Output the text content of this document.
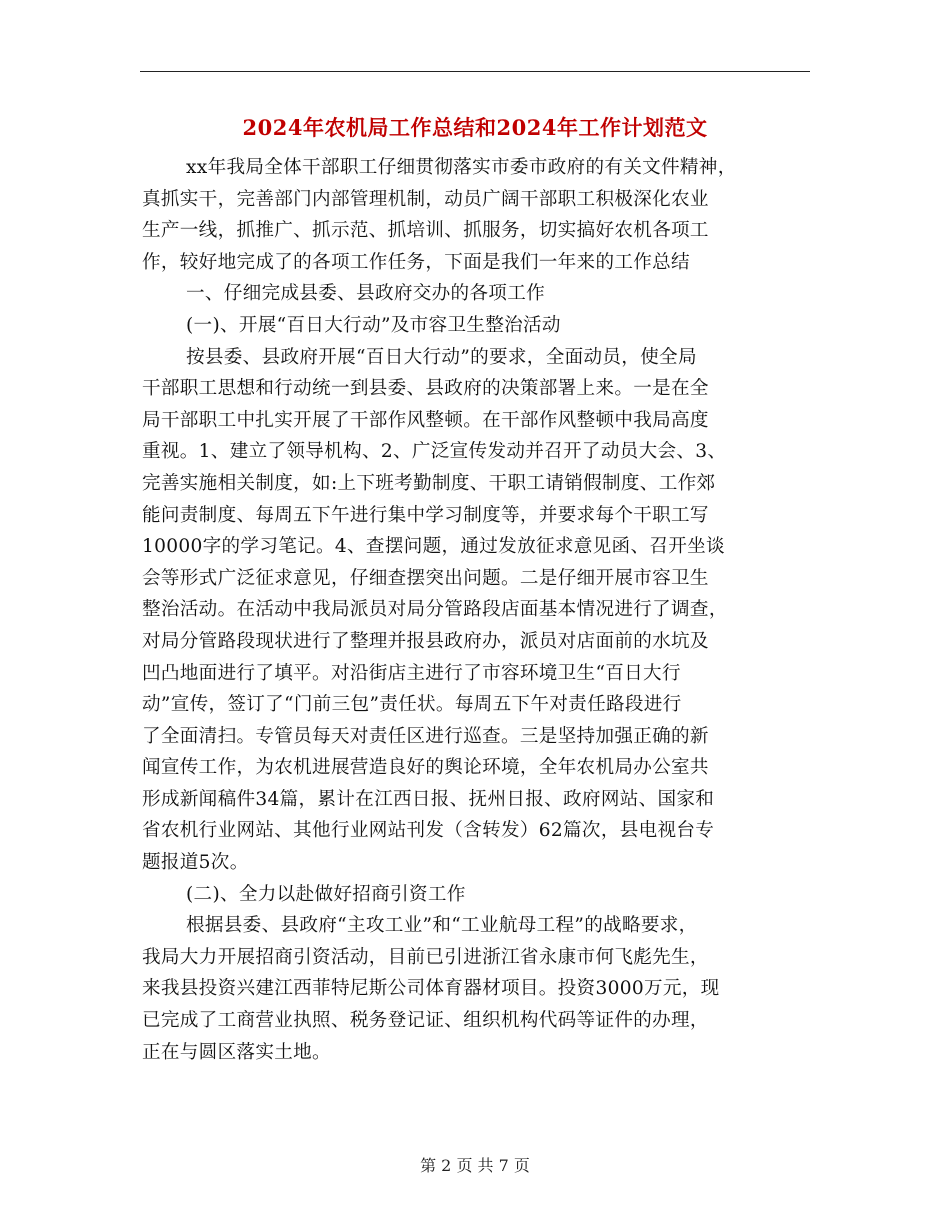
2024年农机局工作总结和2024年工作计划范文
xx年我局全体干部职工仔细贯彻落实市委市政府的有关文件精神，
真抓实干，完善部门内部管理机制，动员广阔干部职工积极深化农业
生产一线，抓推广、抓示范、抓培训、抓服务，切实搞好农机各项工
作，较好地完成了的各项工作任务，下面是我们一年来的工作总结
一、仔细完成县委、县政府交办的各项工作
(一)、开展“百日大行动”及市容卫生整治活动
按县委、县政府开展“百日大行动”的要求，全面动员，使全局
干部职工思想和行动统一到县委、县政府的决策部署上来。一是在全
局干部职工中扎实开展了干部作风整顿。在干部作风整顿中我局高度
重视。1、建立了领导机构、2、广泛宣传发动并召开了动员大会、3、
完善实施相关制度，如:上下班考勤制度、干职工请销假制度、工作郊
能问责制度、每周五下午进行集中学习制度等，并要求每个干职工写
10000字的学习笔记。4、查摆问题，通过发放征求意见函、召开坐谈
会等形式广泛征求意见，仔细查摆突出问题。二是仔细开展市容卫生
整治活动。在活动中我局派员对局分管路段店面基本情况进行了调查，
对局分管路段现状进行了整理并报县政府办，派员对店面前的水坑及
凹凸地面进行了填平。对沿街店主进行了市容环境卫生“百日大行
动”宣传，签订了“门前三包”责任状。每周五下午对责任路段进行
了全面清扫。专管员每天对责任区进行巡查。三是坚持加强正确的新
闻宣传工作，为农机进展营造良好的舆论环境，全年农机局办公室共
形成新闻稿件34篇，累计在江西日报、抚州日报、政府网站、国家和
省农机行业网站、其他行业网站刊发（含转发）62篇次，县电视台专
题报道5次。
(二)、全力以赴做好招商引资工作
根据县委、县政府“主攻工业”和“工业航母工程”的战略要求，
我局大力开展招商引资活动，目前已引进浙江省永康市何飞彪先生，
来我县投资兴建江西菲特尼斯公司体育器材项目。投资3000万元，现
已完成了工商营业执照、税务登记证、组织机构代码等证件的办理，
正在与圆区落实土地。
第 2 页 共 7 页
